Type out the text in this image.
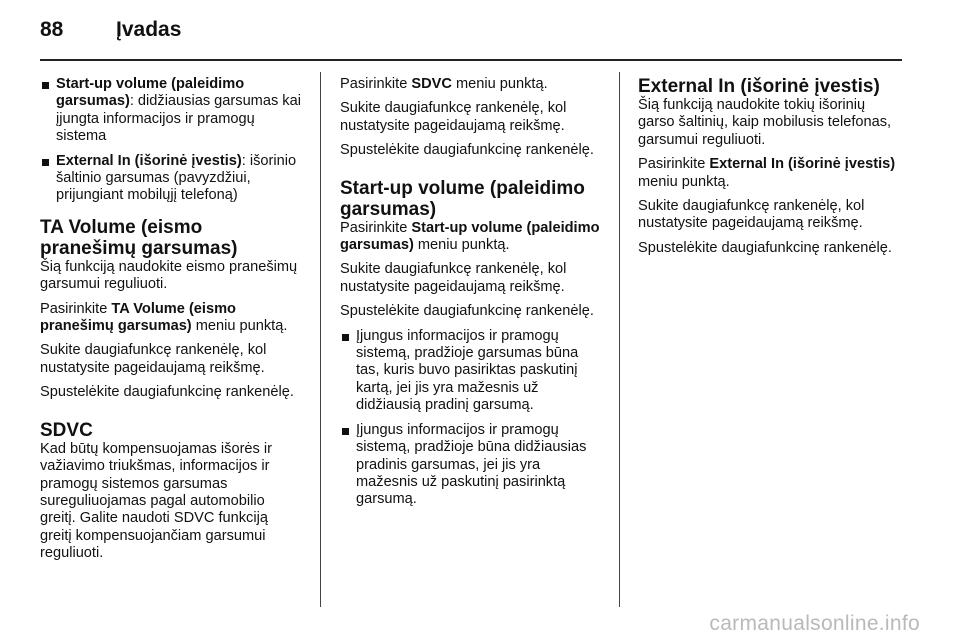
88	Įvadas
Start-up volume (paleidimo garsumas): didžiausias garsumas kai įjungta informacijos ir pramogų sistema
External In (išorinė įvestis): išorinio šaltinio garsumas (pavyzdžiui, prijungiant mobilųjį telefoną)
TA Volume (eismo pranešimų garsumas)

Šią funkciją naudokite eismo pranešimų garsumui reguliuoti.

Pasirinkite TA Volume (eismo pranešimų garsumas) meniu punktą.

Sukite daugiafunkcę rankenėlę, kol nustatysite pageidaujamą reikšmę.

Spustelėkite daugiafunkcinę rankenėlę.

SDVC

Kad būtų kompensuojamas išorės ir važiavimo triukšmas, informacijos ir pramogų sistemos garsumas sureguliuojamas pagal automobilio greitį. Galite naudoti SDVC funkciją greitį kompensuojančiam garsumui reguliuoti.

Pasirinkite SDVC meniu punktą.

Sukite daugiafunkcę rankenėlę, kol nustatysite pageidaujamą reikšmę.

Spustelėkite daugiafunkcinę rankenėlę.

Start-up volume (paleidimo garsumas)

Pasirinkite Start-up volume (paleidimo garsumas) meniu punktą.

Sukite daugiafunkcę rankenėlę, kol nustatysite pageidaujamą reikšmę.

Spustelėkite daugiafunkcinę rankenėlę.

Įjungus informacijos ir pramogų sistemą, pradžioje garsumas būna tas, kuris buvo pasiriktas paskutinį kartą, jei jis yra mažesnis už didžiausią pradinį garsumą.
Įjungus informacijos ir pramogų sistemą, pradžioje būna didžiausias pradinis garsumas, jei jis yra mažesnis už paskutinį pasirinktą garsumą.
External In (išorinė įvestis)

Šią funkciją naudokite tokių išorinių garso šaltinių, kaip mobilusis telefonas, garsumui reguliuoti.

Pasirinkite External In (išorinė įvestis) meniu punktą.

Sukite daugiafunkcę rankenėlę, kol nustatysite pageidaujamą reikšmę.

Spustelėkite daugiafunkcinę rankenėlę.

carmanualsonline.info
